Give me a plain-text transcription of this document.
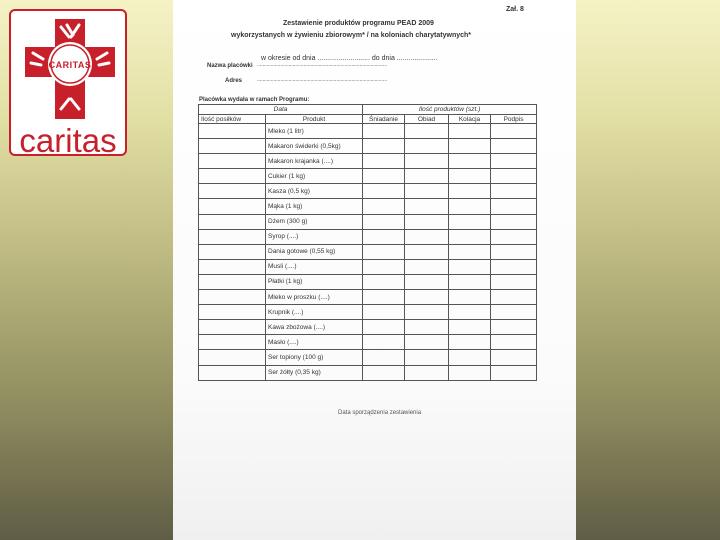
CARITAS
caritas
Zał. 8
Zestawienie produktów programu PEAD 2009
wykorzystanych w żywieniu zbiorowym* / na koloniach charytatywnych*
w okresie od dnia ........................... do dnia .....................
Nazwa placówki ...............................................................................................
Adres ...............................................................................................
Placówka wydała w ramach Programu:
Data		Ilość produktów (szt.)			
Ilość posiłków	Produkt	Śniadanie	Obiad	Kolacja	Podpis
	Mleko (1 litr)				
	Makaron świderki (0,5kg)				
	Makaron krajanka (....)				
	Cukier (1 kg)				
	Kasza (0,5 kg)				
	Mąka (1 kg)				
	Dżem (300 g)				
	Syrop (....)				
	Dania gotowe (0,55 kg)				
	Musli (....)				
	Płatki (1 kg)				
	Mleko w proszku (....)				
	Krupnik (....)				
	Kawa zbożowa (....)				
	Masło (....)				
	Ser topiony (100 g)				
	Ser żółty (0,35 kg)				
Data sporządzenia zestawienia
